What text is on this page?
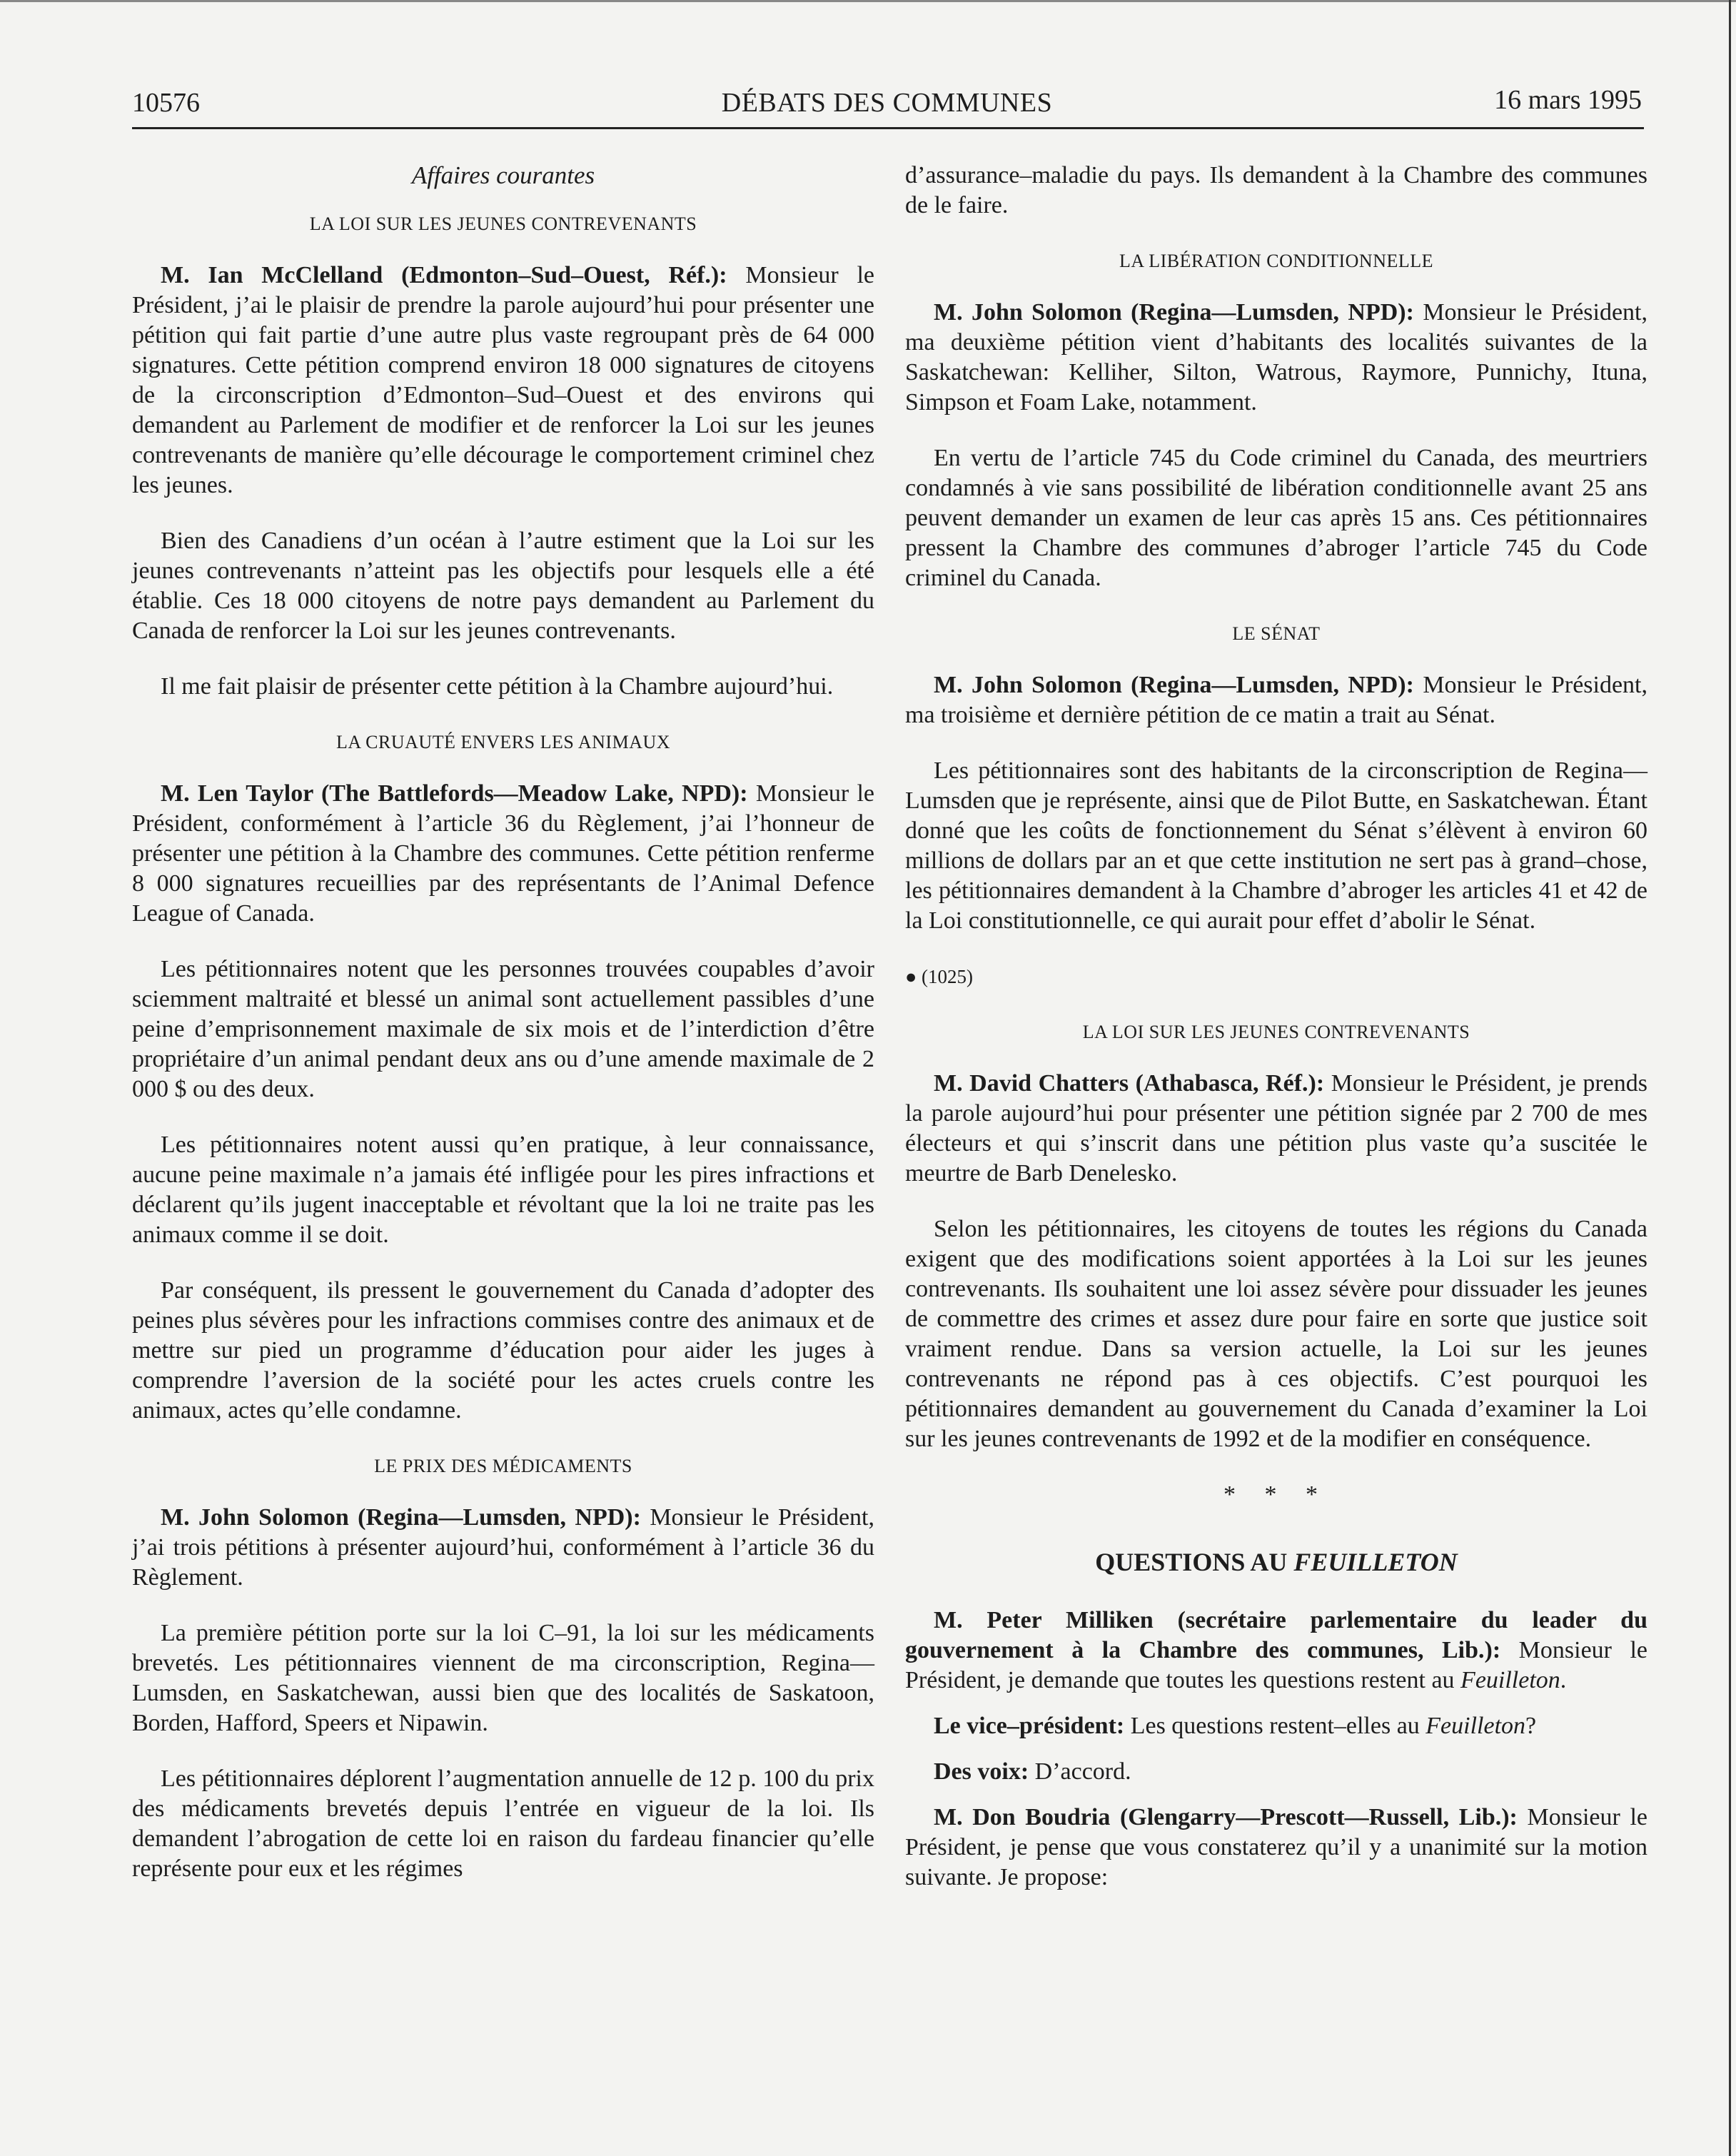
10576	DÉBATS DES COMMUNES	16 mars 1995
Affaires courantes
LA LOI SUR LES JEUNES CONTREVENANTS

M. Ian McClelland (Edmonton–Sud–Ouest, Réf.): Monsieur le Président, j’ai le plaisir de prendre la parole aujourd’hui pour présenter une pétition qui fait partie d’une autre plus vaste regroupant près de 64 000 signatures. Cette pétition comprend environ 18 000 signatures de citoyens de la circonscription d’Edmonton–Sud–Ouest et des environs qui demandent au Parlement de modifier et de renforcer la Loi sur les jeunes contrevenants de manière qu’elle décourage le comportement criminel chez les jeunes.

Bien des Canadiens d’un océan à l’autre estiment que la Loi sur les jeunes contrevenants n’atteint pas les objectifs pour lesquels elle a été établie. Ces 18 000 citoyens de notre pays demandent au Parlement du Canada de renforcer la Loi sur les jeunes contrevenants.

Il me fait plaisir de présenter cette pétition à la Chambre aujourd’hui.

LA CRUAUTÉ ENVERS LES ANIMAUX

M. Len Taylor (The Battlefords—Meadow Lake, NPD): Monsieur le Président, conformément à l’article 36 du Règlement, j’ai l’honneur de présenter une pétition à la Chambre des communes. Cette pétition renferme 8 000 signatures recueillies par des représentants de l’Animal Defence League of Canada.

Les pétitionnaires notent que les personnes trouvées coupables d’avoir sciemment maltraité et blessé un animal sont actuellement passibles d’une peine d’emprisonnement maximale de six mois et de l’interdiction d’être propriétaire d’un animal pendant deux ans ou d’une amende maximale de 2 000 $ ou des deux.

Les pétitionnaires notent aussi qu’en pratique, à leur connaissance, aucune peine maximale n’a jamais été infligée pour les pires infractions et déclarent qu’ils jugent inacceptable et révoltant que la loi ne traite pas les animaux comme il se doit.

Par conséquent, ils pressent le gouvernement du Canada d’adopter des peines plus sévères pour les infractions commises contre des animaux et de mettre sur pied un programme d’éducation pour aider les juges à comprendre l’aversion de la société pour les actes cruels contre les animaux, actes qu’elle condamne.

LE PRIX DES MÉDICAMENTS

M. John Solomon (Regina—Lumsden, NPD): Monsieur le Président, j’ai trois pétitions à présenter aujourd’hui, conformément à l’article 36 du Règlement.

La première pétition porte sur la loi C–91, la loi sur les médicaments brevetés. Les pétitionnaires viennent de ma circonscription, Regina—Lumsden, en Saskatchewan, aussi bien que des localités de Saskatoon, Borden, Hafford, Speers et Nipawin.

Les pétitionnaires déplorent l’augmentation annuelle de 12 p. 100 du prix des médicaments brevetés depuis l’entrée en vigueur de la loi. Ils demandent l’abrogation de cette loi en raison du fardeau financier qu’elle représente pour eux et les régimes

d’assurance–maladie du pays. Ils demandent à la Chambre des communes de le faire.

LA LIBÉRATION CONDITIONNELLE

M. John Solomon (Regina—Lumsden, NPD): Monsieur le Président, ma deuxième pétition vient d’habitants des localités suivantes de la Saskatchewan: Kelliher, Silton, Watrous, Raymore, Punnichy, Ituna, Simpson et Foam Lake, notamment.

En vertu de l’article 745 du Code criminel du Canada, des meurtriers condamnés à vie sans possibilité de libération conditionnelle avant 25 ans peuvent demander un examen de leur cas après 15 ans. Ces pétitionnaires pressent la Chambre des communes d’abroger l’article 745 du Code criminel du Canada.

LE SÉNAT

M. John Solomon (Regina—Lumsden, NPD): Monsieur le Président, ma troisième et dernière pétition de ce matin a trait au Sénat.

Les pétitionnaires sont des habitants de la circonscription de Regina—Lumsden que je représente, ainsi que de Pilot Butte, en Saskatchewan. Étant donné que les coûts de fonctionnement du Sénat s’élèvent à environ 60 millions de dollars par an et que cette institution ne sert pas à grand–chose, les pétitionnaires demandent à la Chambre d’abroger les articles 41 et 42 de la Loi constitutionnelle, ce qui aurait pour effet d’abolir le Sénat.

● (1025)
LA LOI SUR LES JEUNES CONTREVENANTS

M. David Chatters (Athabasca, Réf.): Monsieur le Président, je prends la parole aujourd’hui pour présenter une pétition signée par 2 700 de mes électeurs et qui s’inscrit dans une pétition plus vaste qu’a suscitée le meurtre de Barb Denelesko.

Selon les pétitionnaires, les citoyens de toutes les régions du Canada exigent que des modifications soient apportées à la Loi sur les jeunes contrevenants. Ils souhaitent une loi assez sévère pour dissuader les jeunes de commettre des crimes et assez dure pour faire en sorte que justice soit vraiment rendue. Dans sa version actuelle, la Loi sur les jeunes contrevenants ne répond pas à ces objectifs. C’est pourquoi les pétitionnaires demandent au gouvernement du Canada d’examiner la Loi sur les jeunes contrevenants de 1992 et de la modifier en conséquence.

* * *
QUESTIONS AU FEUILLETON

M. Peter Milliken (secrétaire parlementaire du leader du gouvernement à la Chambre des communes, Lib.): Monsieur le Président, je demande que toutes les questions restent au Feuilleton.

Le vice–président: Les questions restent–elles au Feuilleton?

Des voix: D’accord.

M. Don Boudria (Glengarry—Prescott—Russell, Lib.): Monsieur le Président, je pense que vous constaterez qu’il y a unanimité sur la motion suivante. Je propose:
